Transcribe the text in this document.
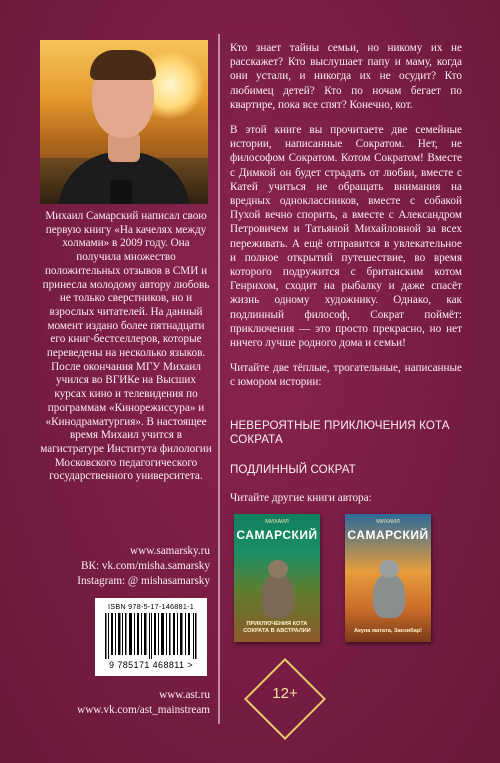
Михаил Самарский написал свою первую книгу «На качелях между холмами» в 2009 году. Она получила множество положительных отзывов в СМИ и принесла молодому автору любовь не только сверстников, но и взрослых читателей. На данный момент издано более пятнадцати его книг-бестселлеров, которые переведены на несколько языков. После окончания МГУ Михаил учился во ВГИКе на Высших курсах кино и телевидения по программам «Кинорежиссура» и «Кинодраматургия». В настоящее время Михаил учится в магистратуре Института филологии Московского педагогического государственного университета.

www.samarsky.ru
ВК: vk.com/misha.samarsky
Instagram: @ mishasamarsky
ISBN 978-5-17-146881-1
9 785171 468811 >
www.ast.ru
www.vk.com/ast_mainstream

Кто знает тайны семьи, но никому их не расскажет? Кто выслушает папу и маму, когда они устали, и никогда их не осудит? Кто любимец детей? Кто по ночам бегает по квартире, пока все спят? Конечно, кот.

В этой книге вы прочитаете две семейные истории, написанные Сократом. Нет, не философом Сократом. Котом Сократом! Вместе с Димкой он будет страдать от любви, вместе с Катей учиться не обращать внимания на вредных одноклассников, вместе с собакой Пухой вечно спорить, а вместе с Александром Петровичем и Татьяной Михайловной за всех переживать. А ещё отправится в увлекательное и полное открытий путешествие, во время которого подружится с британским котом Генрихом, сходит на рыбалку и даже спасёт жизнь одному художнику. Однако, как подлинный философ, Сократ поймёт: приключения — это просто прекрасно, но нет ничего лучше родного дома и семьи!

Читайте две тёплые, трогательные, написанные с юмором истории:

НЕВЕРОЯТНЫЕ ПРИКЛЮЧЕНИЯ КОТА СОКРАТА
ПОДЛИННЫЙ СОКРАТ
Читайте другие книги автора:
МИХАИЛ
САМАРСКИЙ
ПРИКЛЮЧЕНИЯ КОТА СОКРАТА В АВСТРАЛИИ
МИХАИЛ
САМАРСКИЙ
Акуна матата, Занзибар!
12+
